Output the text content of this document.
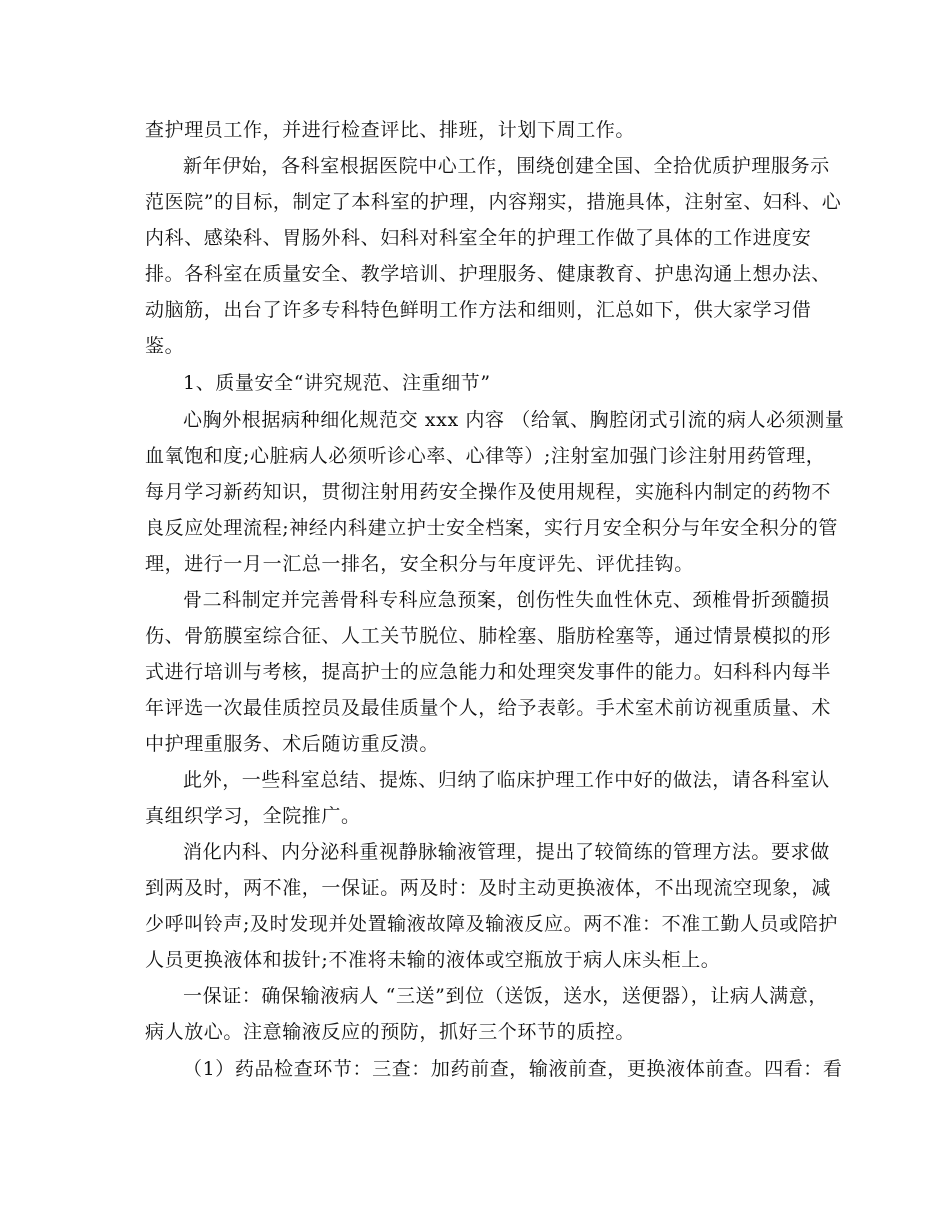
查护理员工作，并进行检查评比、排班，计划下周工作。
新年伊始，各科室根据医院中心工作，围绕创建全国、全拾优质护理服务示
范医院”的目标，制定了本科室的护理，内容翔实，措施具体，注射室、妇科、心
内科、感染科、胃肠外科、妇科对科室全年的护理工作做了具体的工作进度安
排。各科室在质量安全、教学培训、护理服务、健康教育、护患沟通上想办法、
动脑筋，出台了许多专科特色鲜明工作方法和细则，汇总如下，供大家学习借
鉴。
1、质量安全“讲究规范、注重细节”
心胸外根据病种细化规范交 xxx 内容 （给氧、胸腔闭式引流的病人必须测量
血氧饱和度;心脏病人必须听诊心率、心律等）;注射室加强门诊注射用药管理，
每月学习新药知识，贯彻注射用药安全操作及使用规程，实施科内制定的药物不
良反应处理流程;神经内科建立护士安全档案，实行月安全积分与年安全积分的管
理，进行一月一汇总一排名，安全积分与年度评先、评优挂钩。
骨二科制定并完善骨科专科应急预案，创伤性失血性休克、颈椎骨折颈髓损
伤、骨筋膜室综合征、人工关节脱位、肺栓塞、脂肪栓塞等，通过情景模拟的形
式进行培训与考核，提高护士的应急能力和处理突发事件的能力。妇科科内每半
年评选一次最佳质控员及最佳质量个人，给予表彰。手术室术前访视重质量、术
中护理重服务、术后随访重反溃。
此外，一些科室总结、提炼、归纳了临床护理工作中好的做法，请各科室认
真组织学习，全院推广。
消化内科、内分泌科重视静脉输液管理，提出了较简练的管理方法。要求做
到两及时，两不准，一保证。两及时：及时主动更换液体，不出现流空现象，减
少呼叫铃声;及时发现并处置输液故障及输液反应。两不准：不准工勤人员或陪护
人员更换液体和拔针;不准将未输的液体或空瓶放于病人床头柜上。
一保证：确保输液病人 “三送”到位（送饭，送水，送便器），让病人满意，
病人放心。注意输液反应的预防，抓好三个环节的质控。
（1）药品检查环节：三查：加药前查，输液前查，更换液体前查。四看：看
